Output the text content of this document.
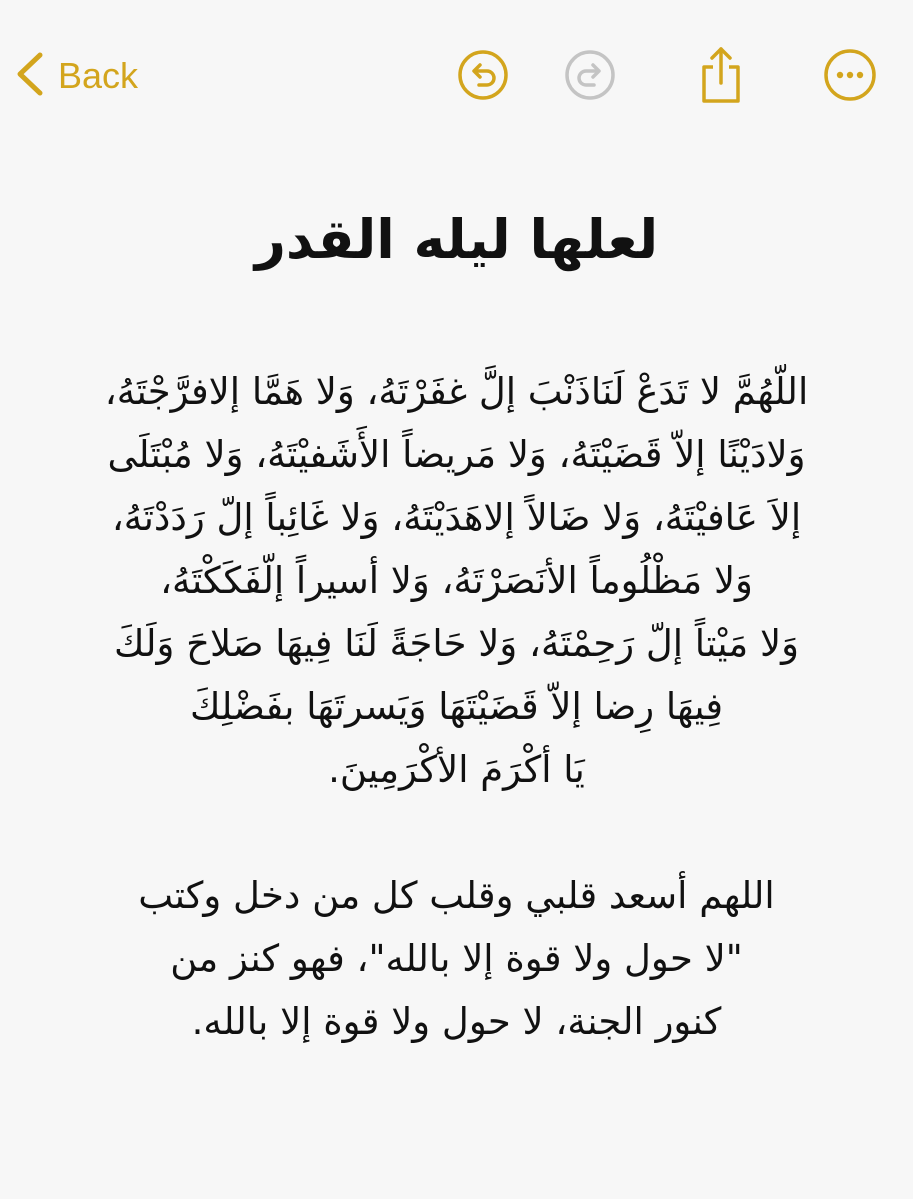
Back
لعلها ليله القدر

اللّهُمَّ لا تَدَعْ لَنَاذَنْبَ إلَّ غفَرْتَهُ، وَلا هَمَّا إلافرَّجْتَهُ،
وَلادَيْنًا إلاّ قَضَيْتَهُ، وَلا مَريضاً الأَشَفيْتَهُ، وَلا مُبْتَلَى
إلاَ عَافيْتَهُ، وَلا ضَالاً إلاهَدَيْتَهُ، وَلا غَائِباً إلّ رَدَدْتَهُ،
وَلا مَظْلُوماً الأنَصَرْتَهُ، وَلا أسيراً إلّفَكَكْتَهُ،
وَلا مَيْتاً إلّ رَحِمْتَهُ، وَلا حَاجَةً لَنَا فِيهَا صَلاحَ وَلَكَ
فِيهَا رِضا إلاّ قَضَيْتَهَا وَيَسرتَهَا بفَضْلِكَ
يَا أكْرَمَ الأكْرَمِينَ.

اللهم أسعد قلبي وقلب كل من دخل وكتب
"لا حول ولا قوة إلا بالله"، فهو كنز من
كنور الجنة، لا حول ولا قوة إلا بالله.
